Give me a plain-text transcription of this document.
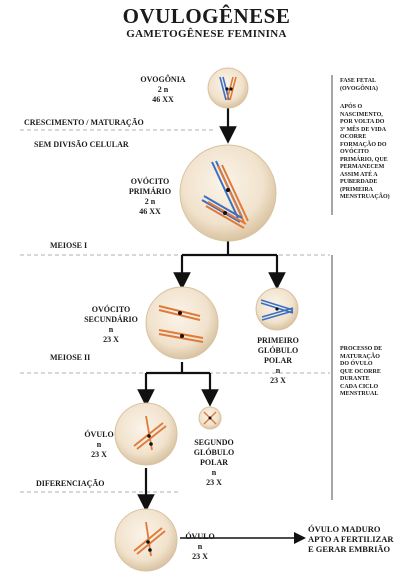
OVULOGÊNESE
GAMETOGÊNESE FEMININA
OVOGÔNIA
2 n
46 XX
CRESCIMENTO / MATURAÇÃO
SEM DIVISÃO CELULAR
MEIOSE I
MEIOSE II
DIFERENCIAÇÃO
OVÓCITO
PRIMÁRIO
2 n
46 XX
OVÓCITO
SECUNDÁRIO
n
23 X	PRIMEIRO
GLÓBULO
POLAR
n
23 X
ÓVULO
n
23 X
SEGUNDO
GLÓBULO
POLAR
n
23 X
ÓVULO
n
23 X
ÓVULO MADURO
APTO A FERTILIZAR
E GERAR EMBRIÃO
FASE FETAL
(OVOGÔNIA)
APÓS O
NASCIMENTO,
POR VOLTA DO
3º MÊS DE VIDA
OCORRE
FORMAÇÃO DO
OVÓCITO
PRIMÁRIO, QUE
PERMANECEM
ASSIM ATÉ A
PUBERDADE
(PRIMEIRA
MENSTRUAÇÃO)
PROCESSO DE
MATURAÇÃO
DO ÓVULO
QUE OCORRE
DURANTE
CADA CICLO
MENSTRUAL
